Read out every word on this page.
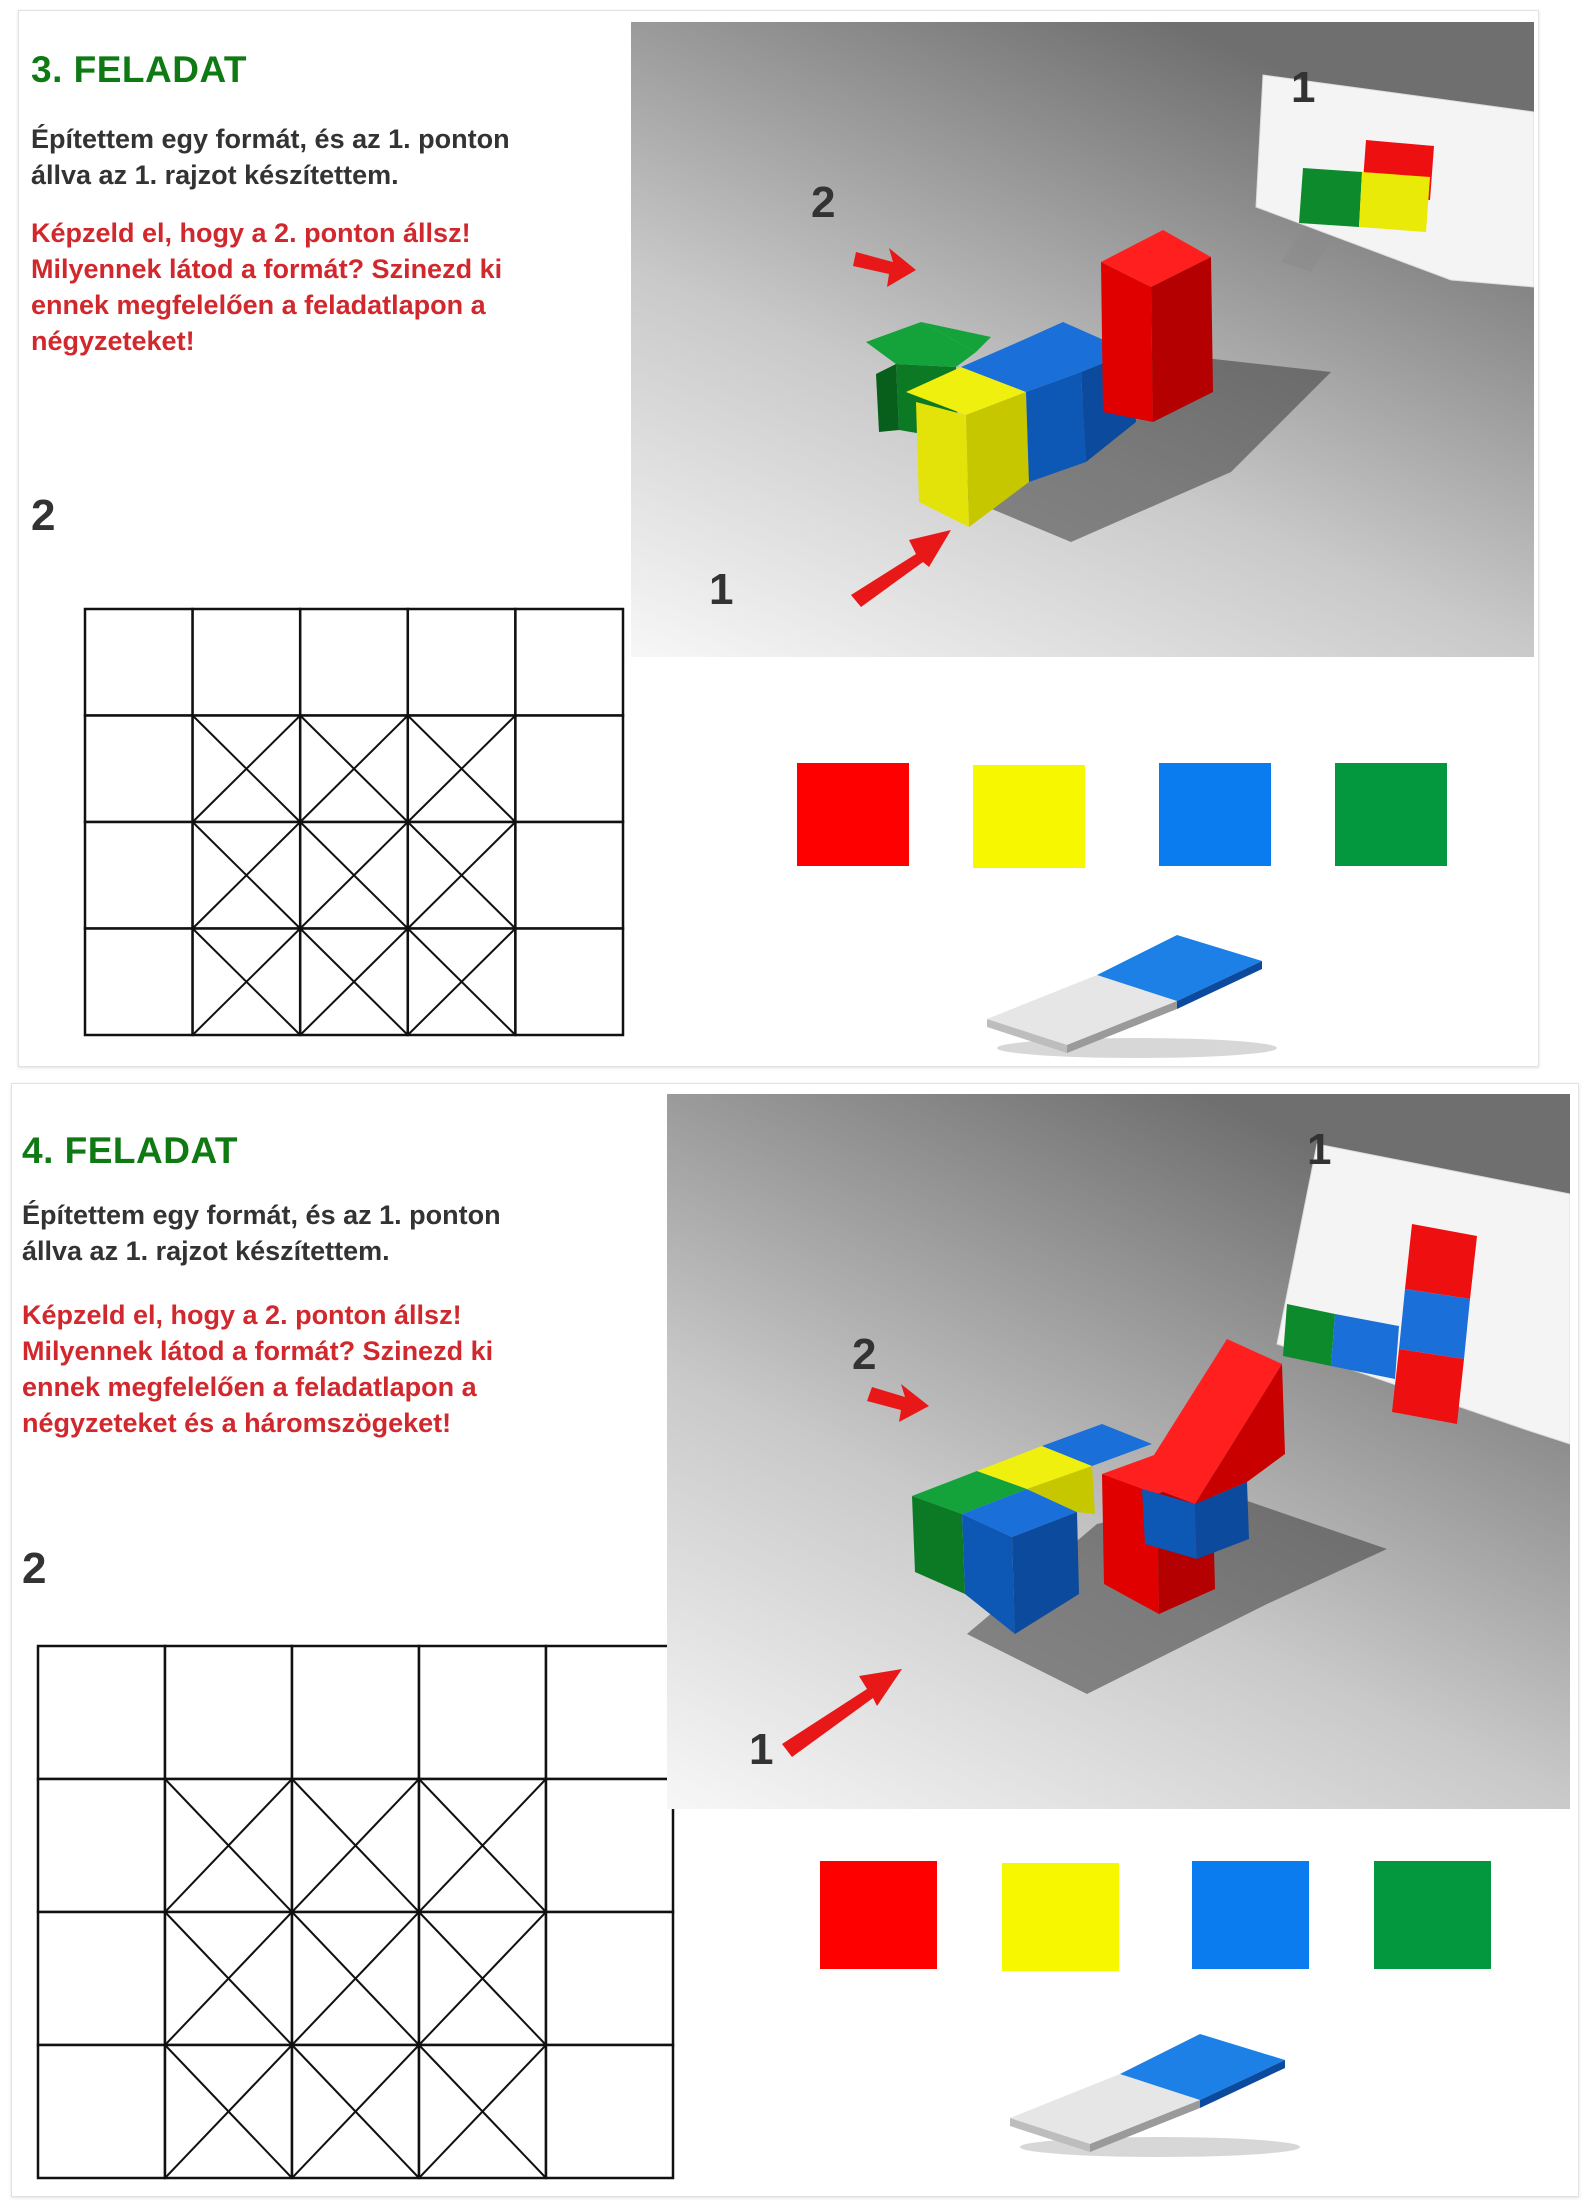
3. FELADAT

Építettem egy formát, és az 1. ponton
állva az 1. rajzot készítettem.

Képzeld el, hogy a 2. ponton állsz!
Milyennek látod a formát? Szinezd ki
ennek megfelelően a feladatlapon a
négyzeteket!

2
1
2
1
4. FELADAT

Építettem egy formát, és az 1. ponton
állva az 1. rajzot készítettem.

Képzeld el, hogy a 2. ponton állsz!
Milyennek látod a formát? Szinezd ki
ennek megfelelően a feladatlapon a
négyzeteket és a háromszögeket!

2
1
2
1
